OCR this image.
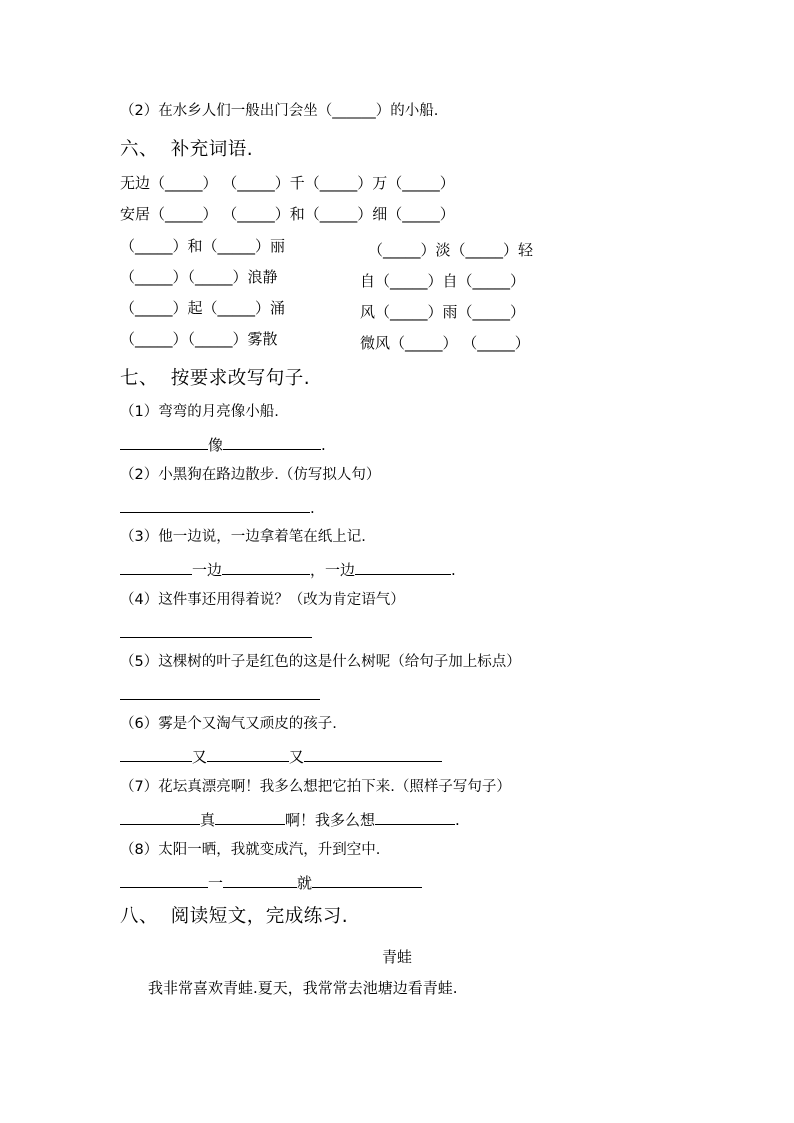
（2）在水乡人们一般出门会坐（______）的小船.
六、  补充词语.
无边（_____） （_____）千（_____）万（_____）
安居（_____） （_____）和（_____）细（_____）
（_____）和（_____）丽	（_____）淡（_____）轻
（_____）（_____）浪静	自（_____）自（_____）
（_____）起（_____）涌	风（_____）雨（_____）
（_____）（_____）雾散	微风（_____） （_____）
七、  按要求改写句子.
（1）弯弯的月亮像小船.
像	.
（2）小黑狗在路边散步.（仿写拟人句）
.
（3）他一边说，一边拿着笔在纸上记.
一边	，一边	.
（4）这件事还用得着说？（改为肯定语气）
（5）这棵树的叶子是红色的这是什么树呢（给句子加上标点）
（6）雾是个又淘气又顽皮的孩子.
又	又
（7）花坛真漂亮啊！我多么想把它拍下来.（照样子写句子）
真	啊！我多么想	.
（8）太阳一晒，我就变成汽，升到空中.
一	就
八、  阅读短文，完成练习.
青蛙
我非常喜欢青蛙.夏天，我常常去池塘边看青蛙.
